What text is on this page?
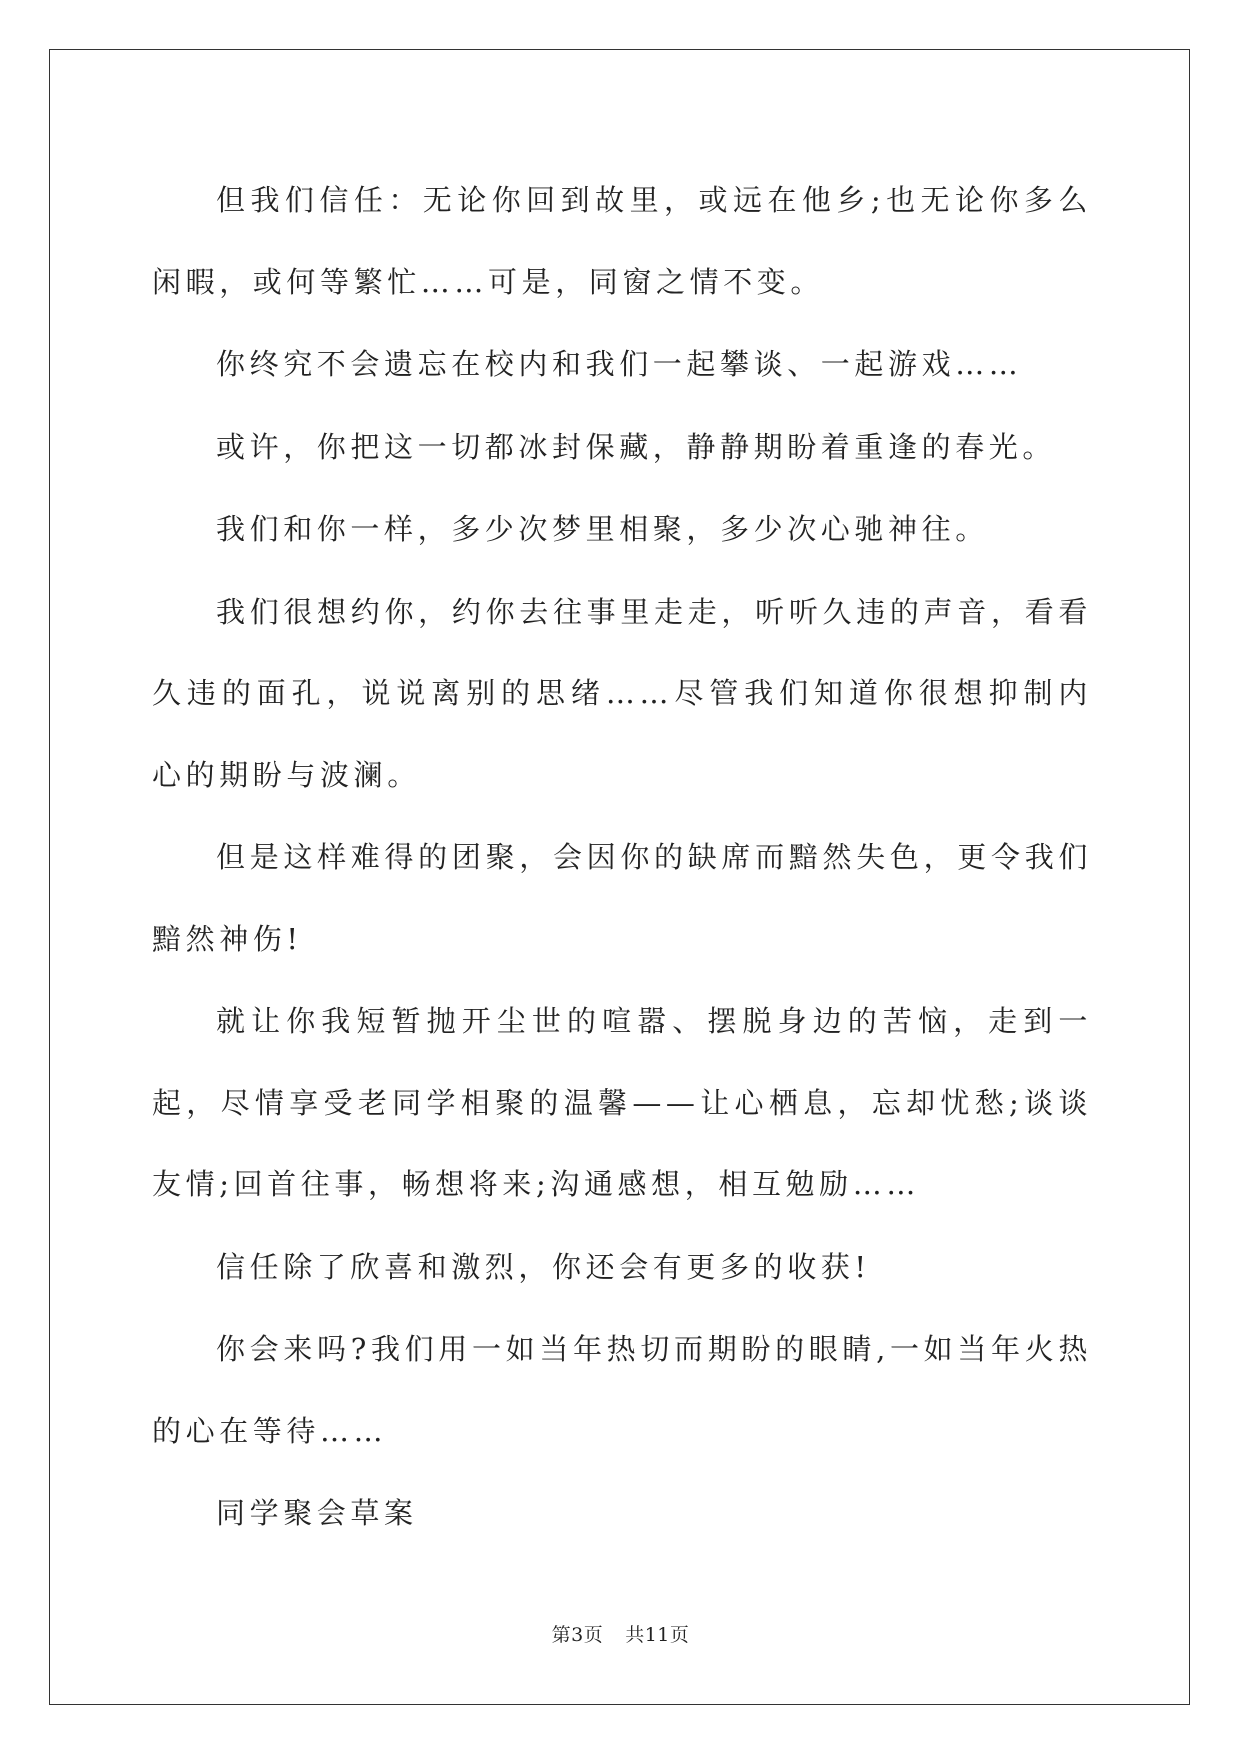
但我们信任：无论你回到故里，或远在他乡;也无论你多么闲暇，或何等繁忙……可是，同窗之情不变。

你终究不会遗忘在校内和我们一起攀谈、一起游戏……

或许，你把这一切都冰封保藏，静静期盼着重逢的春光。

我们和你一样，多少次梦里相聚，多少次心驰神往。

我们很想约你，约你去往事里走走，听听久违的声音，看看久违的面孔，说说离别的思绪……尽管我们知道你很想抑制内心的期盼与波澜。

但是这样难得的团聚，会因你的缺席而黯然失色，更令我们黯然神伤!

就让你我短暂抛开尘世的喧嚣、摆脱身边的苦恼，走到一起，尽情享受老同学相聚的温馨——让心栖息，忘却忧愁;谈谈友情;回首往事，畅想将来;沟通感想，相互勉励……

信任除了欣喜和激烈，你还会有更多的收获!

你会来吗?我们用一如当年热切而期盼的眼睛,一如当年火热的心在等待……

同学聚会草案

第3页 共11页
